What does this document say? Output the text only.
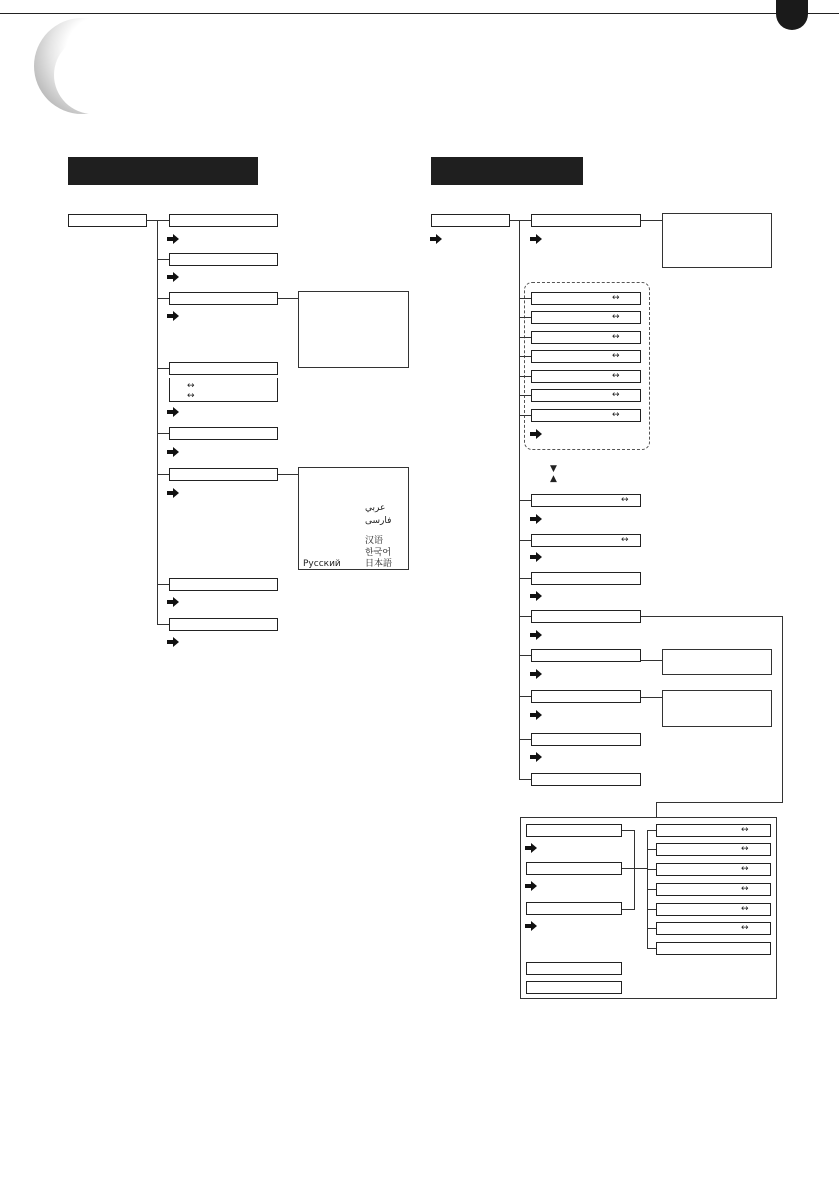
↔
↔
عربي
فارسی
汉语
한국어
Русский	日本語
↔
↔
↔
↔
↔
↔
↔
▼
▲
↔
↔
↔
↔
↔
↔
↔
↔
